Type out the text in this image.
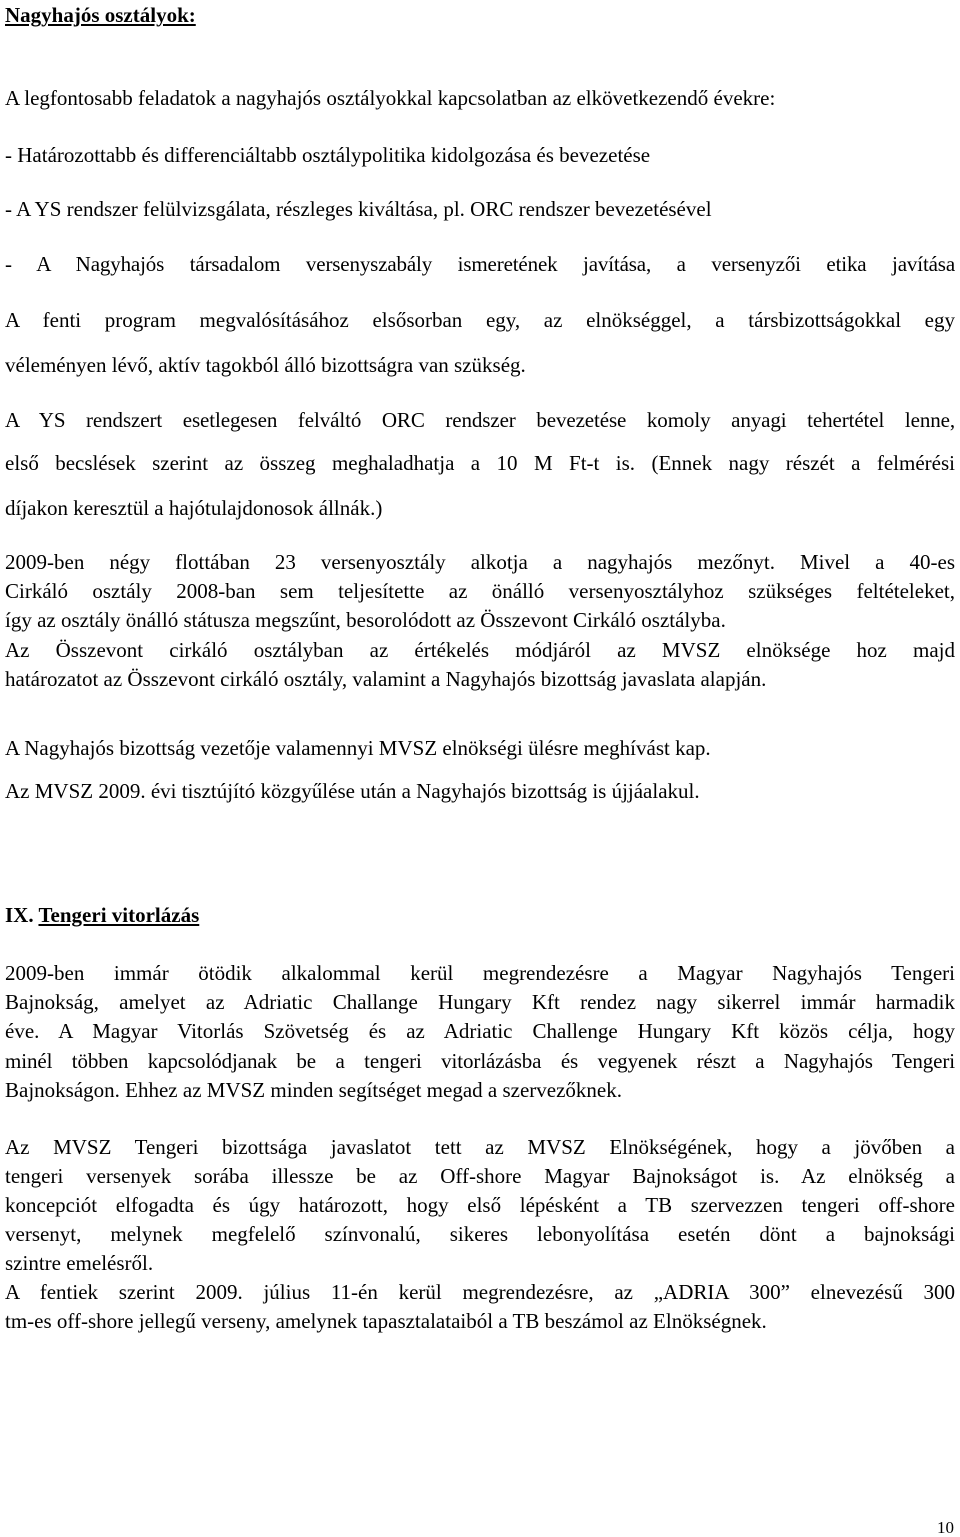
Nagyhajós osztályok:
A legfontosabb feladatok a nagyhajós osztályokkal kapcsolatban az elkövetkezendő évekre:
- Határozottabb és differenciáltabb osztálypolitika kidolgozása és bevezetése
- A YS rendszer felülvizsgálata, részleges kiváltása, pl. ORC rendszer bevezetésével
- A Nagyhajós társadalom versenyszabály ismeretének javítása, a versenyzői etika javítása
A fenti program megvalósításához elsősorban egy, az elnökséggel, a társbizottságokkal egy
véleményen lévő, aktív tagokból álló bizottságra van szükség.
A YS rendszert esetlegesen felváltó ORC rendszer bevezetése komoly anyagi tehertétel lenne,
első becslések szerint az összeg meghaladhatja a 10 M Ft-t is. (Ennek nagy részét a felmérési
díjakon keresztül a hajótulajdonosok állnák.)
2009-ben négy flottában 23 versenyosztály alkotja a nagyhajós mezőnyt. Mivel a 40-es
Cirkáló osztály 2008-ban sem teljesítette az önálló versenyosztályhoz szükséges feltételeket,
így az osztály önálló státusza megszűnt, besorolódott az Összevont Cirkáló osztályba.
Az Összevont cirkáló osztályban az értékelés módjáról az MVSZ elnöksége hoz majd
határozatot az Összevont cirkáló osztály, valamint a Nagyhajós bizottság javaslata alapján.
A Nagyhajós bizottság vezetője valamennyi MVSZ elnökségi ülésre meghívást kap.
Az MVSZ 2009. évi tisztújító közgyűlése után a Nagyhajós bizottság is újjáalakul.
IX. Tengeri vitorlázás
2009-ben immár ötödik alkalommal kerül megrendezésre a Magyar Nagyhajós Tengeri
Bajnokság, amelyet az Adriatic Challange Hungary Kft rendez nagy sikerrel immár harmadik
éve. A Magyar Vitorlás Szövetség és az Adriatic Challenge Hungary Kft közös célja, hogy
minél többen kapcsolódjanak be a tengeri vitorlázásba és vegyenek részt a Nagyhajós Tengeri
Bajnokságon. Ehhez az MVSZ minden segítséget megad a szervezőknek.
Az MVSZ Tengeri bizottsága javaslatot tett az MVSZ Elnökségének, hogy a jövőben a
tengeri versenyek sorába illessze be az Off-shore Magyar Bajnokságot is. Az elnökség a
koncepciót elfogadta és úgy határozott, hogy első lépésként a TB szervezzen tengeri off-shore
versenyt, melynek megfelelő színvonalú, sikeres lebonyolítása esetén dönt a bajnoksági
szintre emelésről.
A fentiek szerint 2009. július 11-én kerül megrendezésre, az „ADRIA 300” elnevezésű 300
tm-es off-shore jellegű verseny, amelynek tapasztalataiból a TB beszámol az Elnökségnek.
10
